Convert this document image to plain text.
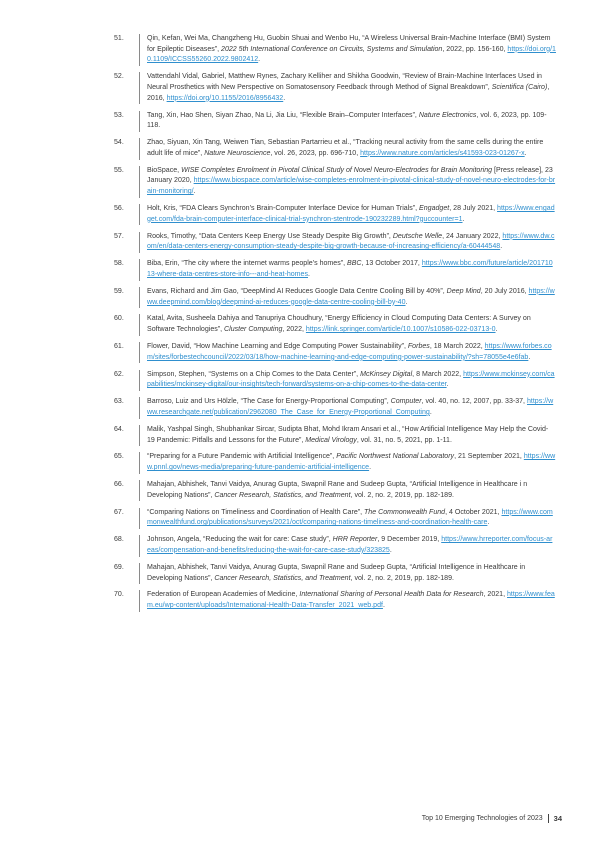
51.	Qin, Kefan, Wei Ma, Changzheng Hu, Guobin Shuai and Wenbo Hu, “A Wireless Universal Brain-Machine Interface (BMI) System for Epileptic Diseases”, 2022 5th International Conference on Circuits, Systems and Simulation, 2022, pp. 156-160, https://doi.org/10.1109/ICCSS55260.2022.9802412.
52.	Vattendahl Vidal, Gabriel, Matthew Rynes, Zachary Kelliher and Shikha Goodwin, “Review of Brain-Machine Interfaces Used in Neural Prosthetics with New Perspective on Somatosensory Feedback through Method of Signal Breakdown”, Scientifica (Cairo), 2016, https://doi.org/10.1155/2016/8956432.
53.	Tang, Xin, Hao Shen, Siyan Zhao, Na Li, Jia Liu, “Flexible Brain–Computer Interfaces”, Nature Electronics, vol. 6, 2023, pp. 109-118.
54.	Zhao, Siyuan, Xin Tang, Weiwen Tian, Sebastian Partarrieu et al., “Tracking neural activity from the same cells during the entire adult life of mice”, Nature Neuroscience, vol. 26, 2023, pp. 696-710, https://www.nature.com/articles/s41593-023-01267-x.
55.	BioSpace, WISE Completes Enrolment in Pivotal Clinical Study of Novel Neuro-Electrodes for Brain Monitoring [Press release], 23 January 2020, https://www.biospace.com/article/wise-completes-enrolment-in-pivotal-clinical-study-of-novel-neuro-electrodes-for-brain-monitoring/.
56.	Holt, Kris, “FDA Clears Synchron’s Brain-Computer Interface Device for Human Trials”, Engadget, 28 July 2021, https://www.engadget.com/fda-brain-computer-interface-clinical-trial-synchron-stentrode-190232289.html?guccounter=1.
57.	Rooks, Timothy, “Data Centers Keep Energy Use Steady Despite Big Growth”, Deutsche Welle, 24 January 2022, https://www.dw.com/en/data-centers-energy-consumption-steady-despite-big-growth-because-of-increasing-efficiency/a-60444548.
58.	Biba, Erin, “The city where the internet warms people’s homes”, BBC, 13 October 2017, https://www.bbc.com/future/article/20171013-where-data-centres-store-info---and-heat-homes.
59.	Evans, Richard and Jim Gao, “DeepMind AI Reduces Google Data Centre Cooling Bill by 40%”, Deep Mind, 20 July 2016, https://www.deepmind.com/blog/deepmind-ai-reduces-google-data-centre-cooling-bill-by-40.
60.	Katal, Avita, Susheela Dahiya and Tanupriya Choudhury, “Energy Efficiency in Cloud Computing Data Centers: A Survey on Software Technologies”, Cluster Computing, 2022, https://link.springer.com/article/10.1007/s10586-022-03713-0.
61.	Flower, David, “How Machine Learning and Edge Computing Power Sustainability”, Forbes, 18 March 2022, https://www.forbes.com/sites/forbestechcouncil/2022/03/18/how-machine-learning-and-edge-computing-power-sustainability/?sh=78055e4e6fab.
62.	Simpson, Stephen, “Systems on a Chip Comes to the Data Center”, McKinsey Digital, 8 March 2022, https://www.mckinsey.com/capabilities/mckinsey-digital/our-insights/tech-forward/systems-on-a-chip-comes-to-the-data-center.
63.	Barroso, Luiz and Urs Hölzle, “The Case for Energy-Proportional Computing”, Computer, vol. 40, no. 12, 2007, pp. 33-37, https://www.researchgate.net/publication/2962080_The_Case_for_Energy-Proportional_Computing.
64.	Malik, Yashpal Singh, Shubhankar Sircar, Sudipta Bhat, Mohd Ikram Ansari et al., “How Artificial Intelligence May Help the Covid-19 Pandemic: Pitfalls and Lessons for the Future”, Medical Virology, vol. 31, no. 5, 2021, pp. 1-11.
65.	“Preparing for a Future Pandemic with Artificial Intelligence”, Pacific Northwest National Laboratory, 21 September 2021, https://www.pnnl.gov/news-media/preparing-future-pandemic-artificial-intelligence.
66.	Mahajan, Abhishek, Tanvi Vaidya, Anurag Gupta, Swapnil Rane and Sudeep Gupta, “Artificial Intelligence in Healthcare i n Developing Nations”, Cancer Research, Statistics, and Treatment, vol. 2, no. 2, 2019, pp. 182-189.
67.	“Comparing Nations on Timeliness and Coordination of Health Care”, The Commonwealth Fund, 4 October 2021, https://www.commonwealthfund.org/publications/surveys/2021/oct/comparing-nations-timeliness-and-coordination-health-care.
68.	Johnson, Angela, “Reducing the wait for care: Case study”, HRR Reporter, 9 December 2019, https://www.hrreporter.com/focus-areas/compensation-and-benefits/reducing-the-wait-for-care-case-study/323825.
69.	Mahajan, Abhishek, Tanvi Vaidya, Anurag Gupta, Swapnil Rane and Sudeep Gupta, “Artificial Intelligence in Healthcare in Developing Nations”, Cancer Research, Statistics, and Treatment, vol. 2, no. 2, 2019, pp. 182-189.
70.	Federation of European Academies of Medicine, International Sharing of Personal Health Data for Research, 2021, https://www.feam.eu/wp-content/uploads/International-Health-Data-Transfer_2021_web.pdf.
Top 10 Emerging Technologies of 2023	34
